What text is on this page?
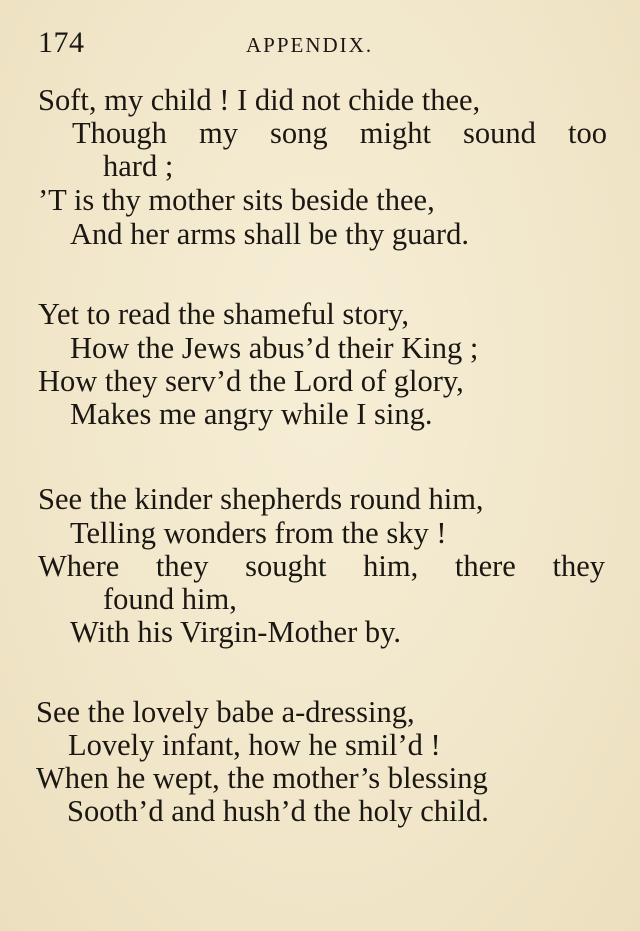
174	APPENDIX.
Soft, my child ! I did not chide thee,
Though my song might sound too
hard ;
’T is thy mother sits beside thee,
And her arms shall be thy guard.
Yet to read the shameful story,
How the Jews abus’d their King ;
How they serv’d the Lord of glory,
Makes me angry while I sing.
See the kinder shepherds round him,
Telling wonders from the sky !
Where they sought him, there they
found him,
With his Virgin-Mother by.
See the lovely babe a-dressing,
Lovely infant, how he smil’d !
When he wept, the mother’s blessing
Sooth’d and hush’d the holy child.
